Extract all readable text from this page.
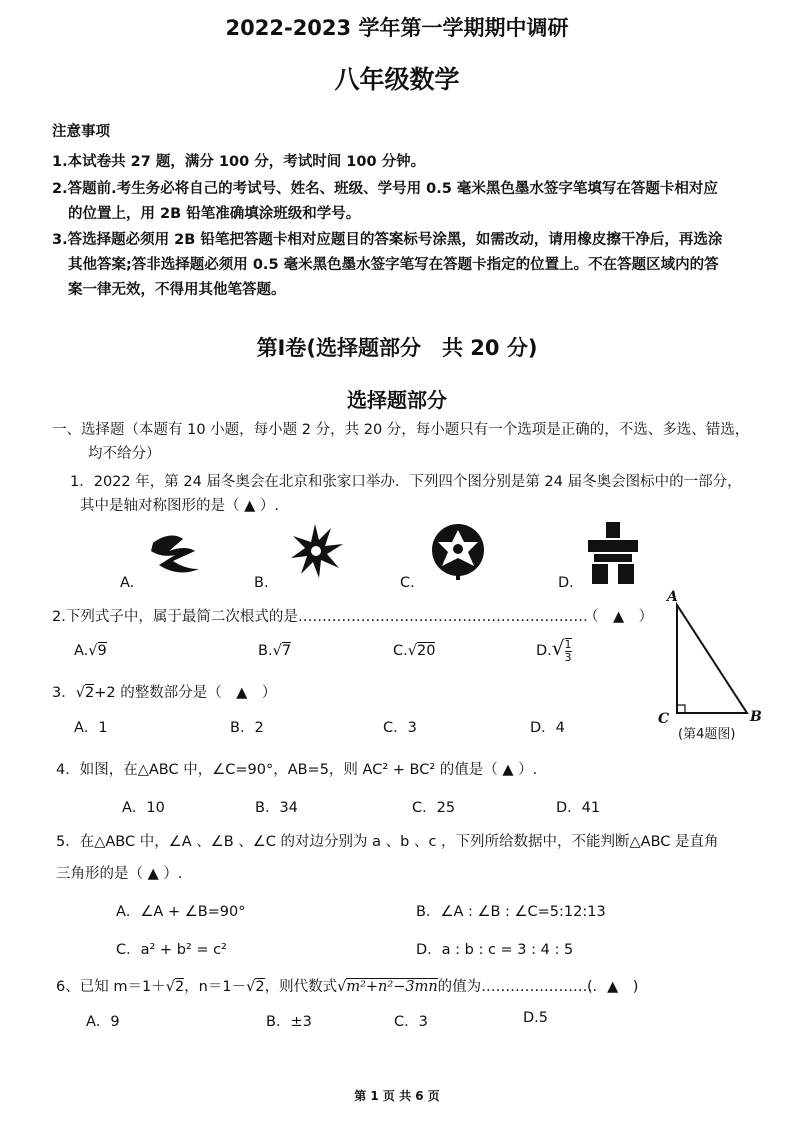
2022-2023 学年第一学期期中调研
八年级数学
注意事项
1.本试卷共 27 题，满分 100 分，考试时间 100 分钟。
2.答题前.考生务必将自己的考试号、姓名、班级、学号用 0.5 毫米黑色墨水签字笔填写在答题卡相对应
的位置上，用 2B 铅笔准确填涂班级和学号。
3.答选择题必须用 2B 铅笔把答题卡相对应题目的答案标号涂黑，如需改动，请用橡皮擦干净后，再选涂
其他答案;答非选择题必须用 0.5 毫米黑色墨水签字笔写在答题卡指定的位置上。不在答题区域内的答
案一律无效，不得用其他笔答题。
第Ⅰ卷(选择题部分　共 20 分)
选择题部分
一、选择题（本题有 10 小题，每小题 2 分，共 20 分，每小题只有一个选项是正确的，不选、多选、错选，
均不给分）
1．2022 年，第 24 届冬奥会在北京和张家口举办．下列四个图分别是第 24 届冬奥会图标中的一部分，
其中是轴对称图形的是（ ▲ ）.
A.	B.	C.	D.
2.下列式子中，属于最简二次根式的是……………………………………………………
（　▲　）
A.√9	B.√7	C.√20	$D.√ \frac{1}{3}$
A
B
C
(第4题图)
3．√2+2 的整数部分是（　▲　）
A．1	B．2	C．3	D．4
4．如图，在△ABC 中，∠C=90°，AB=5，则 AC² + BC² 的值是（ ▲ ）.
A．10	B．34	C．25	D．41
5．在△ABC 中，∠A 、∠B 、∠C 的对边分别为 a 、b 、c ，下列所给数据中，不能判断△ABC 是直角
三角形的是（ ▲ ）.
A．∠A + ∠B=90°	B．∠A : ∠B : ∠C=5:12:13
C．a² + b² = c²	D．a : b : c = 3 : 4 : 5
6、已知 m＝1＋√2，n＝1－√2，则代数式√m²+n²−3mn的值为……………………
(　▲　)
A．9	B．±3	C．3	D.5
第 1 页 共 6 页
